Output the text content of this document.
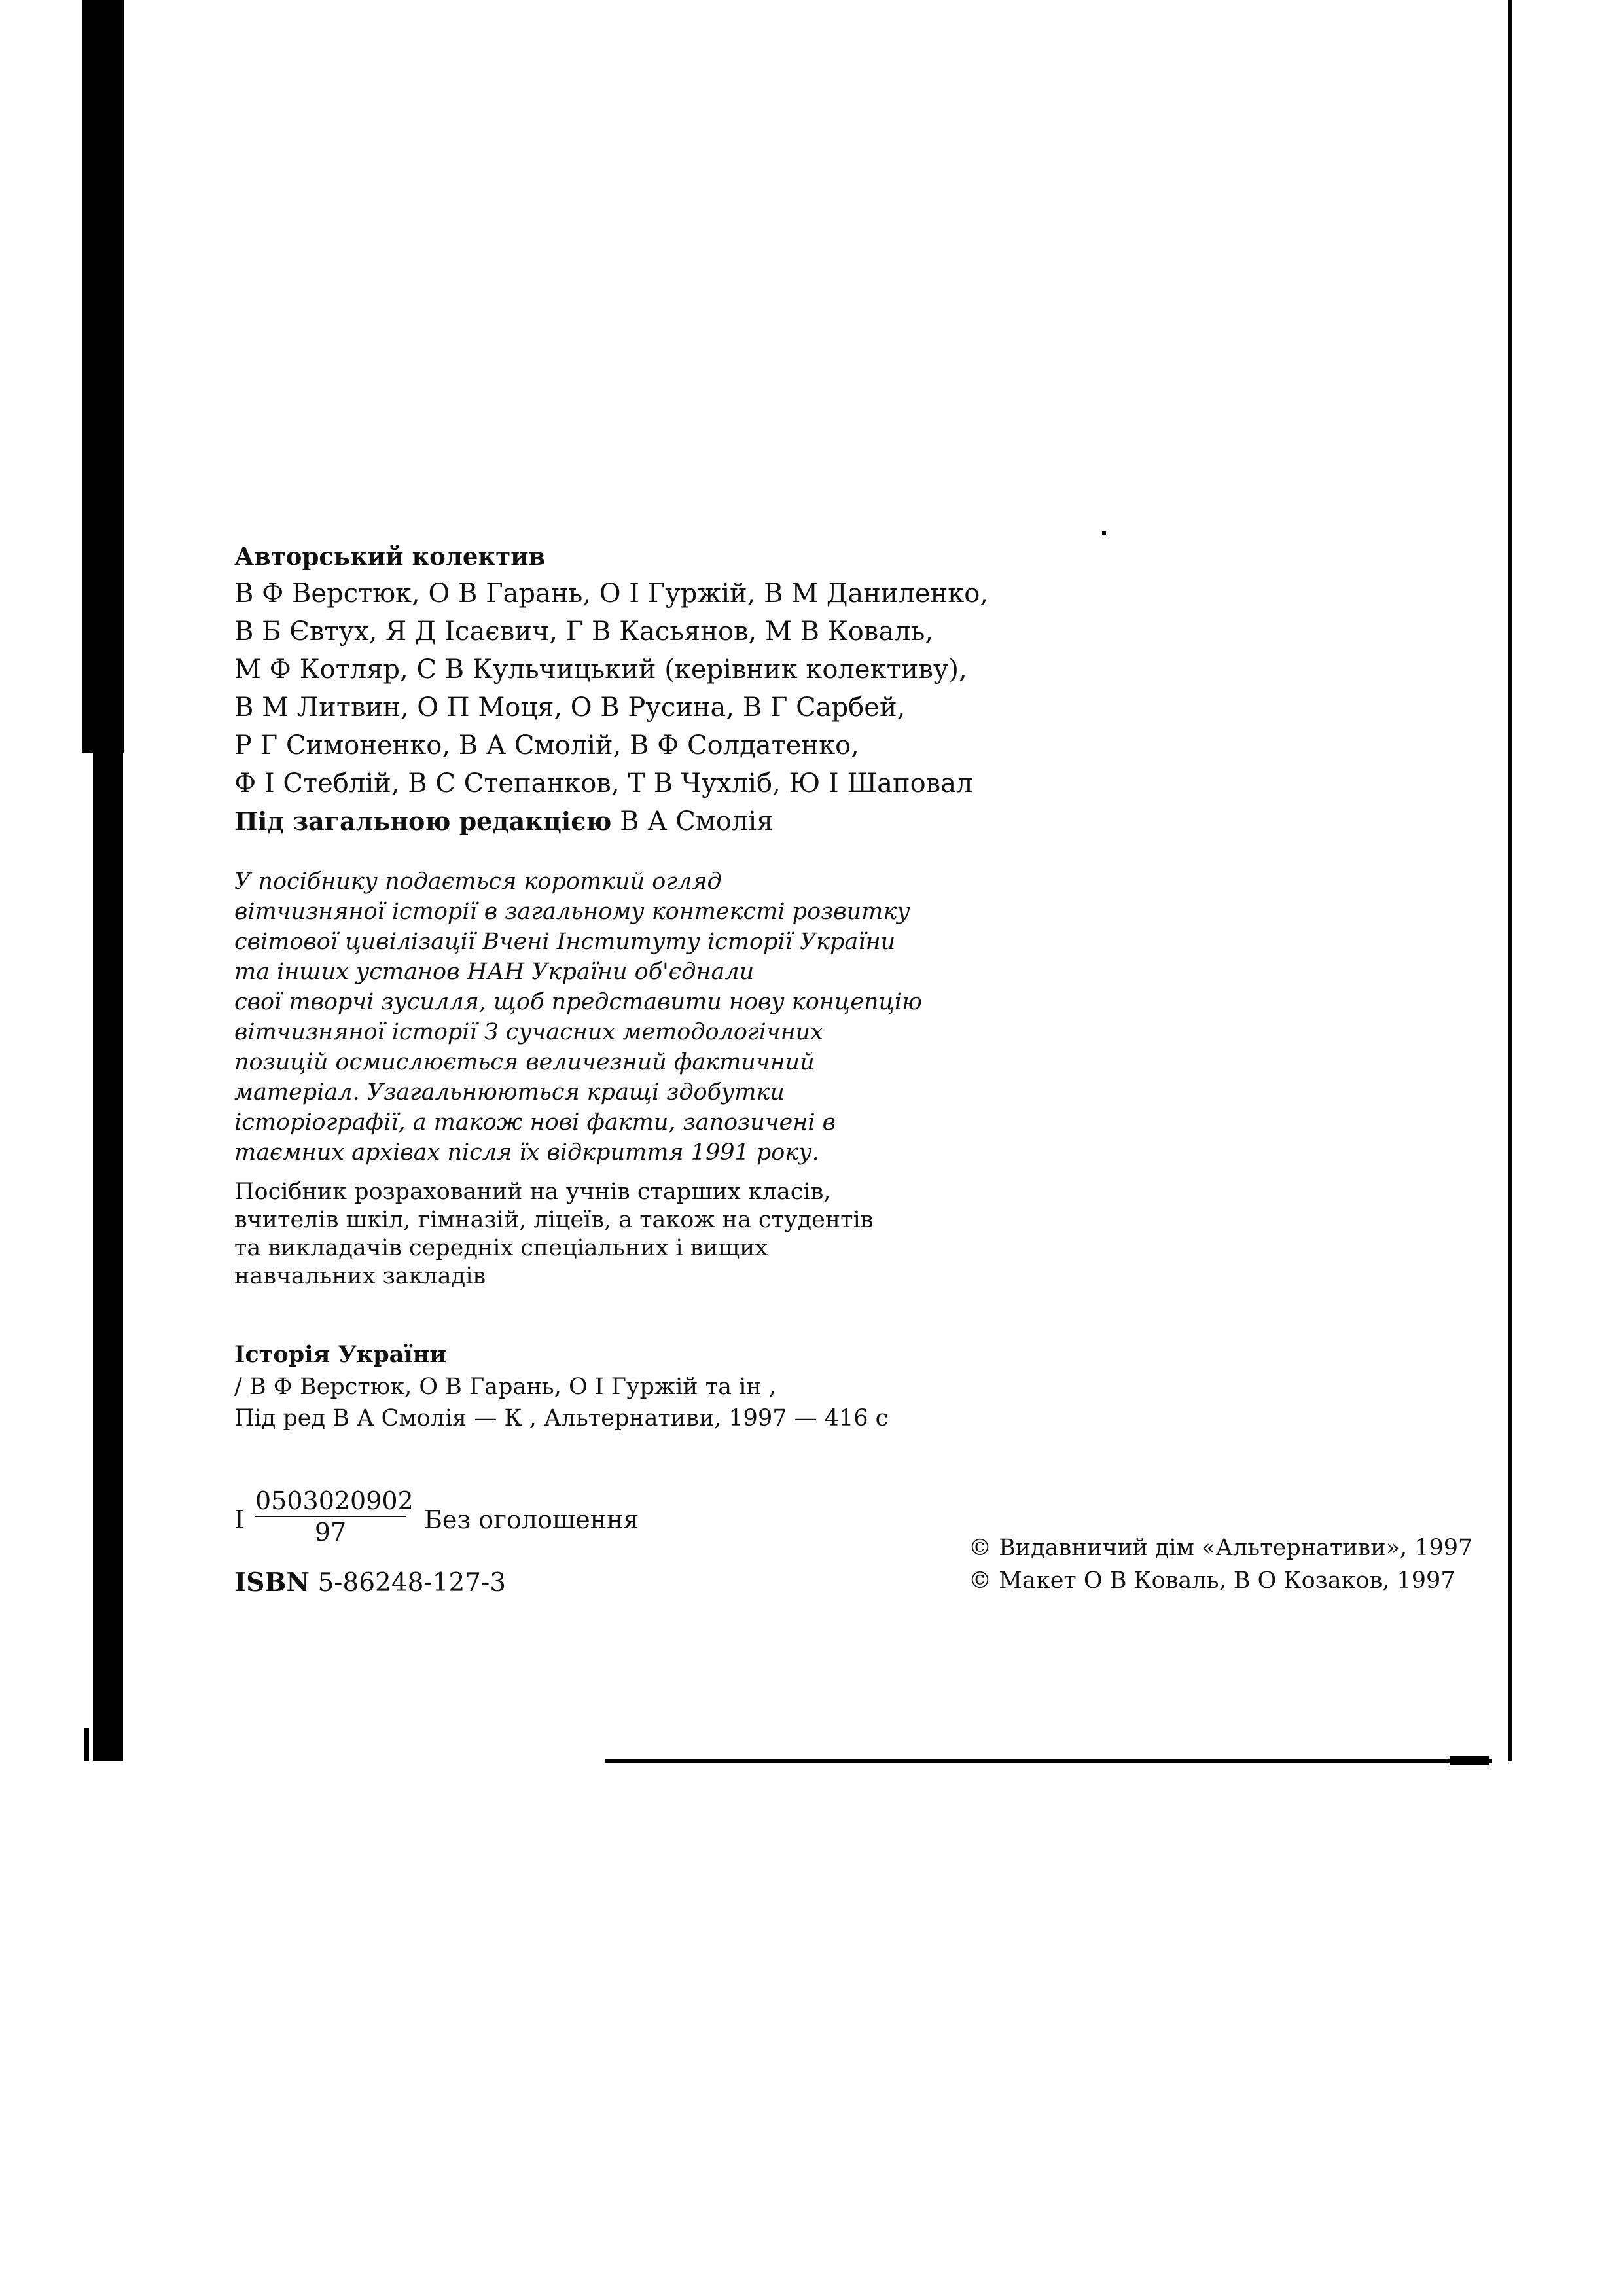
Авторський колектив

В Ф Верстюк, О В Гарань, О І Гуржій, В М Даниленко,

В Б Євтух, Я Д Ісаєвич, Г В Касьянов, М В Коваль,

М Ф Котляр, С В Кульчицький (керівник колективу),

В М Литвин, О П Моця, О В Русина, В Г Сарбей,

Р Г Симоненко, В А Смолій, В Ф Солдатенко,

Ф І Стеблій, В С Степанков, Т В Чухліб, Ю І Шаповал

Під загальною редакцією В А Смолія

У посібнику подається короткий огляд

вітчизняної історії в загальному контексті розвитку

світової цивілізації Вчені Інституту історії України

та інших установ НАН України об'єднали

свої творчі зусилля, щоб представити нову концепцію

вітчизняної історії З сучасних методологічних

позицій осмислюється величезний фактичний

матеріал. Узагальнюються кращі здобутки

історіографії, а також нові факти, запозичені в

таємних архівах після їх відкриття 1991 року.

Посібник розрахований на учнів старших класів,

вчителів шкіл, гімназій, ліцеїв, а також на студентів

та викладачів середніх спеціальних і вищих

навчальних закладів

Історія України

/ В Ф Верстюк, О В Гарань, О І Гуржій та ін ,

Під ред В А Смолія — К , Альтернативи, 1997 — 416 с

І
0503020902
97	Без оголошення
ISBN 5-86248-127-3

© Видавничий дім «Альтернативи», 1997

© Макет О В Коваль, В О Козаков, 1997
